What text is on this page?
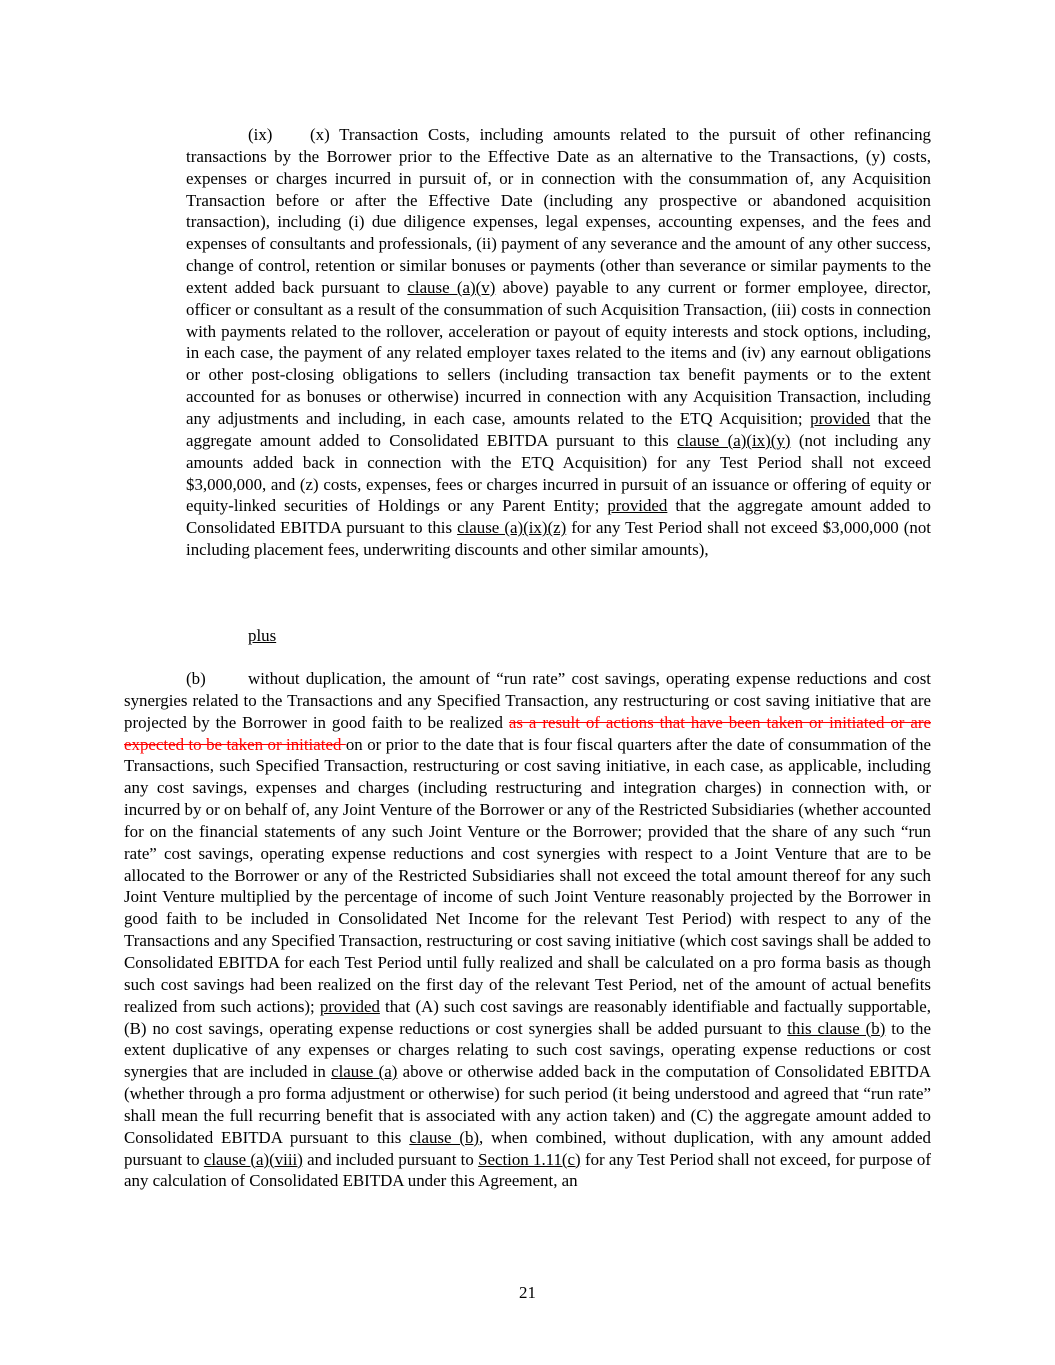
(ix) (x) Transaction Costs, including amounts related to the pursuit of other refinancing transactions by the Borrower prior to the Effective Date as an alternative to the Transactions, (y) costs, expenses or charges incurred in pursuit of, or in connection with the consummation of, any Acquisition Transaction before or after the Effective Date (including any prospective or abandoned acquisition transaction), including (i) due diligence expenses, legal expenses, accounting expenses, and the fees and expenses of consultants and professionals, (ii) payment of any severance and the amount of any other success, change of control, retention or similar bonuses or payments (other than severance or similar payments to the extent added back pursuant to clause (a)(v) above) payable to any current or former employee, director, officer or consultant as a result of the consummation of such Acquisition Transaction, (iii) costs in connection with payments related to the rollover, acceleration or payout of equity interests and stock options, including, in each case, the payment of any related employer taxes related to the items and (iv) any earnout obligations or other post-closing obligations to sellers (including transaction tax benefit payments or to the extent accounted for as bonuses or otherwise) incurred in connection with any Acquisition Transaction, including any adjustments and including, in each case, amounts related to the ETQ Acquisition; provided that the aggregate amount added to Consolidated EBITDA pursuant to this clause (a)(ix)(y) (not including any amounts added back in connection with the ETQ Acquisition) for any Test Period shall not exceed $3,000,000, and (z) costs, expenses, fees or charges incurred in pursuit of an issuance or offering of equity or equity-linked securities of Holdings or any Parent Entity; provided that the aggregate amount added to Consolidated EBITDA pursuant to this clause (a)(ix)(z) for any Test Period shall not exceed $3,000,000 (not including placement fees, underwriting discounts and other similar amounts),
plus
(b)	without duplication, the amount of “run rate” cost savings, operating expense reductions and cost synergies related to the Transactions and any Specified Transaction, any restructuring or cost saving initiative that are projected by the Borrower in good faith to be realized as a result of actions that have been taken or initiated or are expected to be taken or initiated on or prior to the date that is four fiscal quarters after the date of consummation of the Transactions, such Specified Transaction, restructuring or cost saving initiative, in each case, as applicable, including any cost savings, expenses and charges (including restructuring and integration charges) in connection with, or incurred by or on behalf of, any Joint Venture of the Borrower or any of the Restricted Subsidiaries (whether accounted for on the financial statements of any such Joint Venture or the Borrower; provided that the share of any such “run rate” cost savings, operating expense reductions and cost synergies with respect to a Joint Venture that are to be allocated to the Borrower or any of the Restricted Subsidiaries shall not exceed the total amount thereof for any such Joint Venture multiplied by the percentage of income of such Joint Venture reasonably projected by the Borrower in good faith to be included in Consolidated Net Income for the relevant Test Period) with respect to any of the Transactions and any Specified Transaction, restructuring or cost saving initiative (which cost savings shall be added to Consolidated EBITDA for each Test Period until fully realized and shall be calculated on a pro forma basis as though such cost savings had been realized on the first day of the relevant Test Period, net of the amount of actual benefits realized from such actions); provided that (A) such cost savings are reasonably identifiable and factually supportable, (B) no cost savings, operating expense reductions or cost synergies shall be added pursuant to this clause (b) to the extent duplicative of any expenses or charges relating to such cost savings, operating expense reductions or cost synergies that are included in clause (a) above or otherwise added back in the computation of Consolidated EBITDA (whether through a pro forma adjustment or otherwise) for such period (it being understood and agreed that “run rate” shall mean the full recurring benefit that is associated with any action taken) and (C) the aggregate amount added to Consolidated EBITDA pursuant to this clause (b), when combined, without duplication, with any amount added pursuant to clause (a)(viii) and included pursuant to Section 1.11(c) for any Test Period shall not exceed, for purpose of any calculation of Consolidated EBITDA under this Agreement, an
21
